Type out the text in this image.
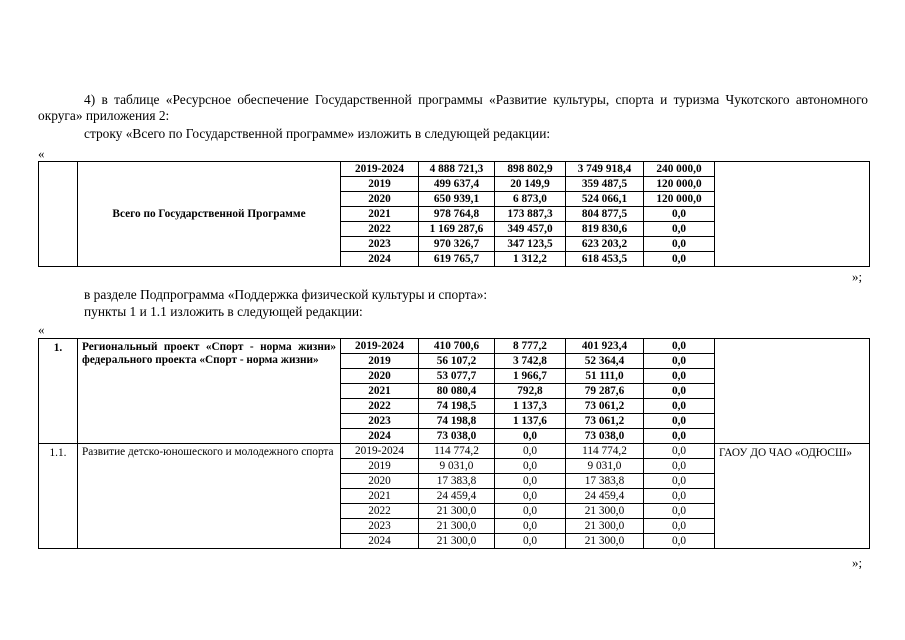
4) в таблице «Ресурсное обеспечение Государственной программы «Развитие культуры, спорта и туризма Чукотского автономного округа» приложения 2:
строку «Всего по Государственной программе» изложить в следующей редакции:
«
	Всего по Государственной Программе	2019-2024	4 888 721,3	898 802,9	3 749 918,4	240 000,0	
		2019	499 637,4	20 149,9	359 487,5	120 000,0	
		2020	650 939,1	6 873,0	524 066,1	120 000,0	
		2021	978 764,8	173 887,3	804 877,5	0,0	
		2022	1 169 287,6	349 457,0	819 830,6	0,0	
		2023	970 326,7	347 123,5	623 203,2	0,0	
		2024	619 765,7	1 312,2	618 453,5	0,0	
»;
в разделе Подпрограмма «Поддержка физической культуры и спорта»:
пункты 1 и 1.1 изложить в следующей редакции:
«
1.	Региональный проект «Спорт - норма жизни» федерального проекта «Спорт - норма жизни»	2019-2024	410 700,6	8 777,2	401 923,4	0,0	
		2019	56 107,2	3 742,8	52 364,4	0,0	
		2020	53 077,7	1 966,7	51 111,0	0,0	
		2021	80 080,4	792,8	79 287,6	0,0	
		2022	74 198,5	1 137,3	73 061,2	0,0	
		2023	74 198,8	1 137,6	73 061,2	0,0	
		2024	73 038,0	0,0	73 038,0	0,0	
1.1.	Развитие детско-юношеского и молодежного спорта	2019-2024	114 774,2	0,0	114 774,2	0,0	ГАОУ ДО ЧАО «ОДЮСШ»
		2019	9 031,0	0,0	9 031,0	0,0	
		2020	17 383,8	0,0	17 383,8	0,0	
		2021	24 459,4	0,0	24 459,4	0,0	
		2022	21 300,0	0,0	21 300,0	0,0	
		2023	21 300,0	0,0	21 300,0	0,0	
		2024	21 300,0	0,0	21 300,0	0,0	
»;
